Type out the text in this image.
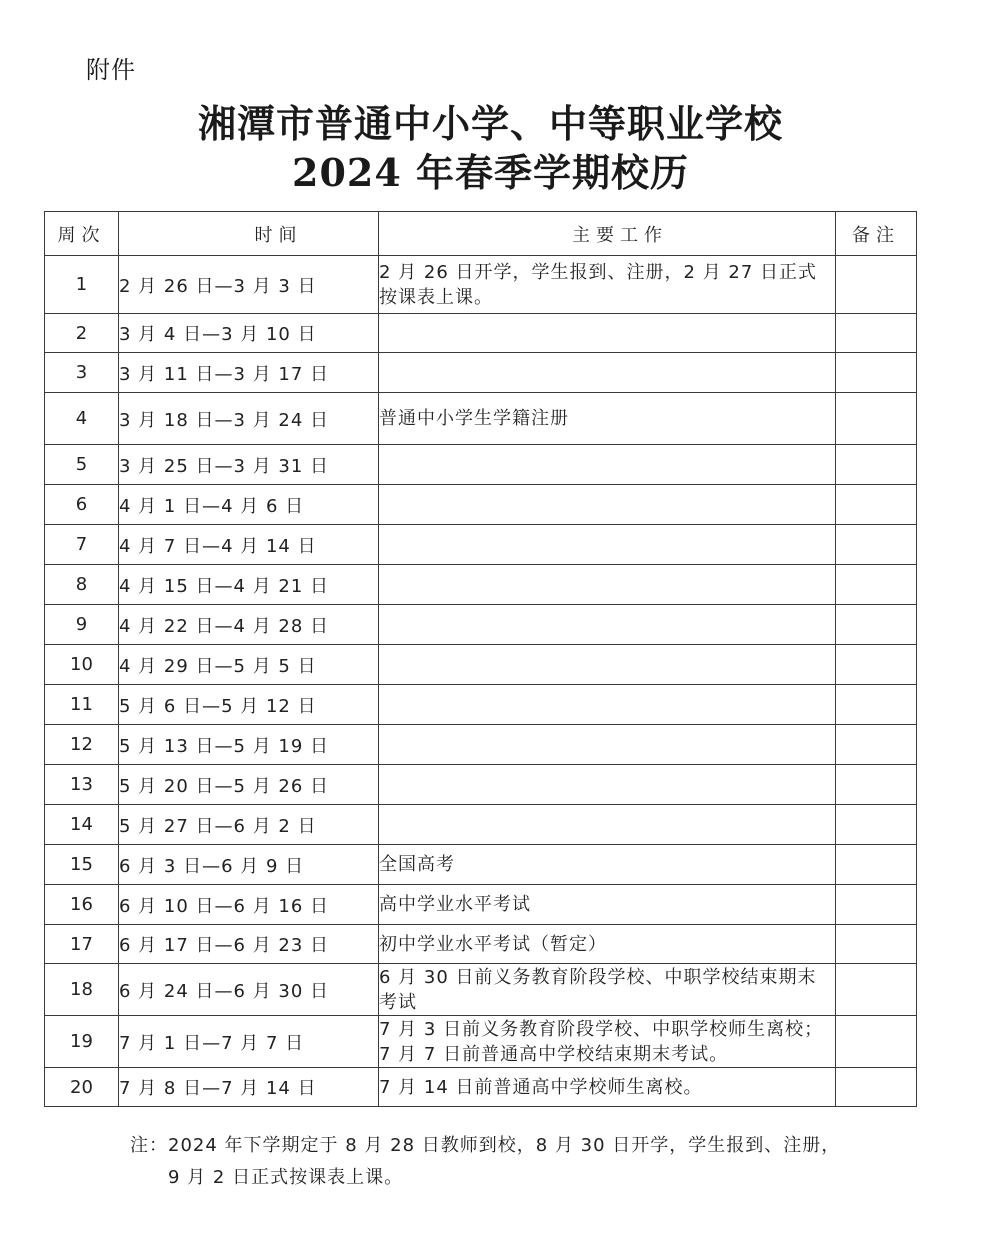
附件
湘潭市普通中小学、中等职业学校
2024 年春季学期校历
周次	时间	主要工作	备注
1	2 月 26 日—3 月 3 日	2 月 26 日开学，学生报到、注册，2 月 27 日正式按课表上课。	
2	3 月 4 日—3 月 10 日		
3	3 月 11 日—3 月 17 日		
4	3 月 18 日—3 月 24 日	普通中小学生学籍注册	
5	3 月 25 日—3 月 31 日		
6	4 月 1 日—4 月 6 日		
7	4 月 7 日—4 月 14 日		
8	4 月 15 日—4 月 21 日		
9	4 月 22 日—4 月 28 日		
10	4 月 29 日—5 月 5 日		
11	5 月 6 日—5 月 12 日		
12	5 月 13 日—5 月 19 日		
13	5 月 20 日—5 月 26 日		
14	5 月 27 日—6 月 2 日		
15	6 月 3 日—6 月 9 日	全国高考	
16	6 月 10 日—6 月 16 日	高中学业水平考试	
17	6 月 17 日—6 月 23 日	初中学业水平考试（暂定）	
18	6 月 24 日—6 月 30 日	6 月 30 日前义务教育阶段学校、中职学校结束期末考试	
19	7 月 1 日—7 月 7 日	7 月 3 日前义务教育阶段学校、中职学校师生离校；7 月 7 日前普通高中学校结束期末考试。	
20	7 月 8 日—7 月 14 日	7 月 14 日前普通高中学校师生离校。	
注：2024 年下学期定于 8 月 28 日教师到校，8 月 30 日开学，学生报到、注册，
9 月 2 日正式按课表上课。
